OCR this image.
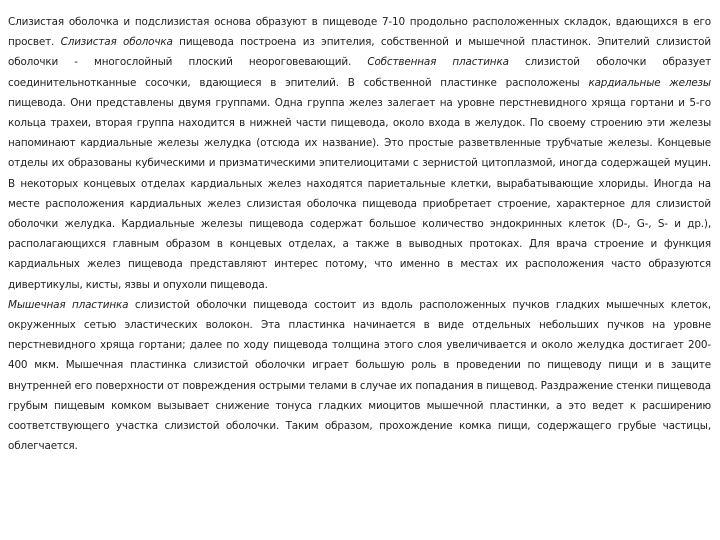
Слизистая оболочка и подслизистая основа образуют в пищеводе 7-10 продольно расположенных складок, вдающихся в его просвет. Слизистая оболочка пищевода построена из эпителия, собственной и мышечной пластинок. Эпителий слизистой оболочки - многослойный плоский неороговевающий. Собственная пластинка слизистой оболочки образует соединительнотканные сосочки, вдающиеся в эпителий. В собственной пластинке расположены кардиальные железы пищевода. Они представлены двумя группами. Одна группа желез залегает на уровне перстневидного хряща гортани и 5-го кольца трахеи, вторая группа находится в нижней части пищевода, около входа в желудок. По своему строению эти железы напоминают кардиальные железы желудка (отсюда их название). Это простые разветвленные трубчатые железы. Концевые отделы их образованы кубическими и призматическими эпителиоцитами с зернистой цитоплазмой, иногда содержащей муцин. В некоторых концевых отделах кардиальных желез находятся париетальные клетки, вырабатывающие хлориды. Иногда на месте расположения кардиальных желез слизистая оболочка пищевода приобретает строение, характерное для слизистой оболочки желудка. Кардиальные железы пищевода содержат большое количество эндокринных клеток (D-, G-, S- и др.), располагающихся главным образом в концевых отделах, а также в выводных протоках. Для врача строение и функция кардиальных желез пищевода представляют интерес потому, что именно в местах их расположения часто образуются дивертикулы, кисты, язвы и опухоли пищевода.

Мышечная пластинка слизистой оболочки пищевода состоит из вдоль расположенных пучков гладких мышечных клеток, окруженных сетью эластических волокон. Эта пластинка начинается в виде отдельных небольших пучков на уровне перстневидного хряща гортани; далее по ходу пищевода толщина этого слоя увеличивается и около желудка достигает 200-400 мкм. Мышечная пластинка слизистой оболочки играет большую роль в проведении по пищеводу пищи и в защите внутренней его поверхности от повреждения острыми телами в случае их попадания в пищевод. Раздражение стенки пищевода грубым пищевым комком вызывает снижение тонуса гладких миоцитов мышечной пластинки, а это ведет к расширению соответствующего участка слизистой оболочки. Таким образом, прохождение комка пищи, содержащего грубые частицы, облегчается.
